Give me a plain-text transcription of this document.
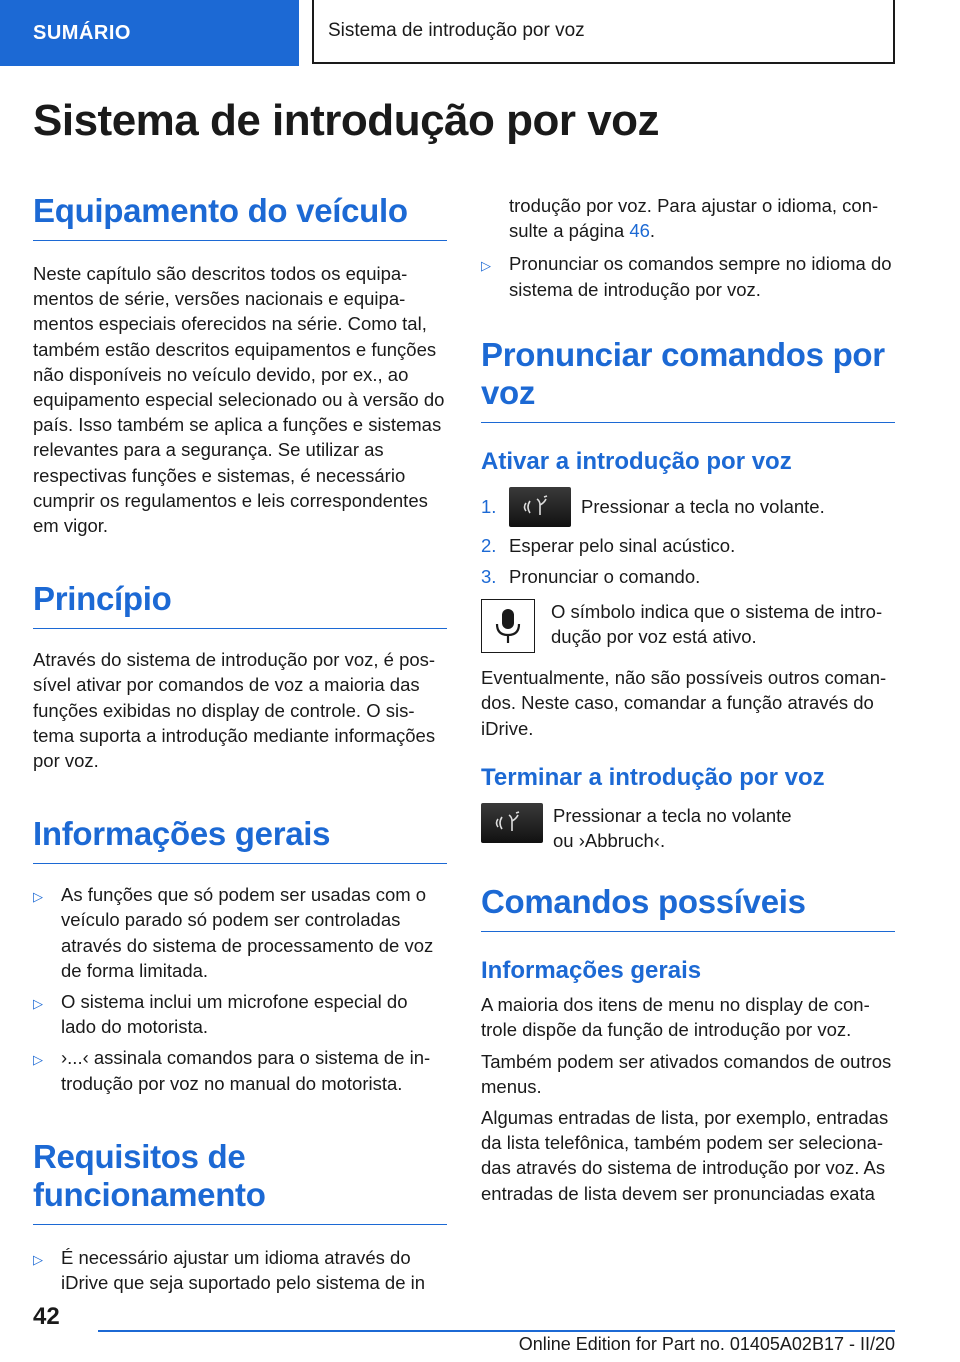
SUMÁRIO	Sistema de introdução por voz
Sistema de introdução por voz
Equipamento do veículo

Neste capítulo são descritos todos os equipamentos de série, versões nacionais e equipamentos especiais oferecidos na série. Como tal, também estão descritos equipamentos e funções não disponíveis no veículo devido, por ex., ao equipamento especial selecionado ou à versão do país. Isso também se aplica a funções e sistemas relevantes para a segurança. Se utilizar as respectivas funções e sistemas, é necessário cumprir os regulamentos e leis correspondentes em vigor.

Princípio

Através do sistema de introdução por voz, é possível ativar por comandos de voz a maioria das funções exibidas no display de controle. O sistema suporta a introdução mediante informações por voz.

Informações gerais
▷ As funções que só podem ser usadas com o veículo parado só podem ser controladas através do sistema de processamento de voz de forma limitada.
▷ O sistema inclui um microfone especial do lado do motorista.
▷ ›...‹ assinala comandos para o sistema de introdução por voz no manual do motorista.
Requisitos de funcionamento
▷ É necessário ajustar um idioma através do iDrive que seja suportado pelo sistema de in
trodução por voz. Para ajustar o idioma, consulte a página 46.
▷ Pronunciar os comandos sempre no idioma do sistema de introdução por voz.
Pronunciar comandos por voz
Ativar a introdução por voz
1.	Pressionar a tecla no volante.
2. Esperar pelo sinal acústico.
3. Pronunciar o comando.

O símbolo indica que o sistema de introdução por voz está ativo.

Eventualmente, não são possíveis outros comandos. Neste caso, comandar a função através do iDrive.

Terminar a introdução por voz

Pressionar a tecla no volante ou ›Abbruch‹.

Comandos possíveis
Informações gerais

A maioria dos itens de menu no display de controle dispõe da função de introdução por voz.

Também podem ser ativados comandos de outros menus.

Algumas entradas de lista, por exemplo, entradas da lista telefônica, também podem ser selecionadas através do sistema de introdução por voz. As entradas de lista devem ser pronunciadas exata

42
Online Edition for Part no. 01405A02B17 - II/20
